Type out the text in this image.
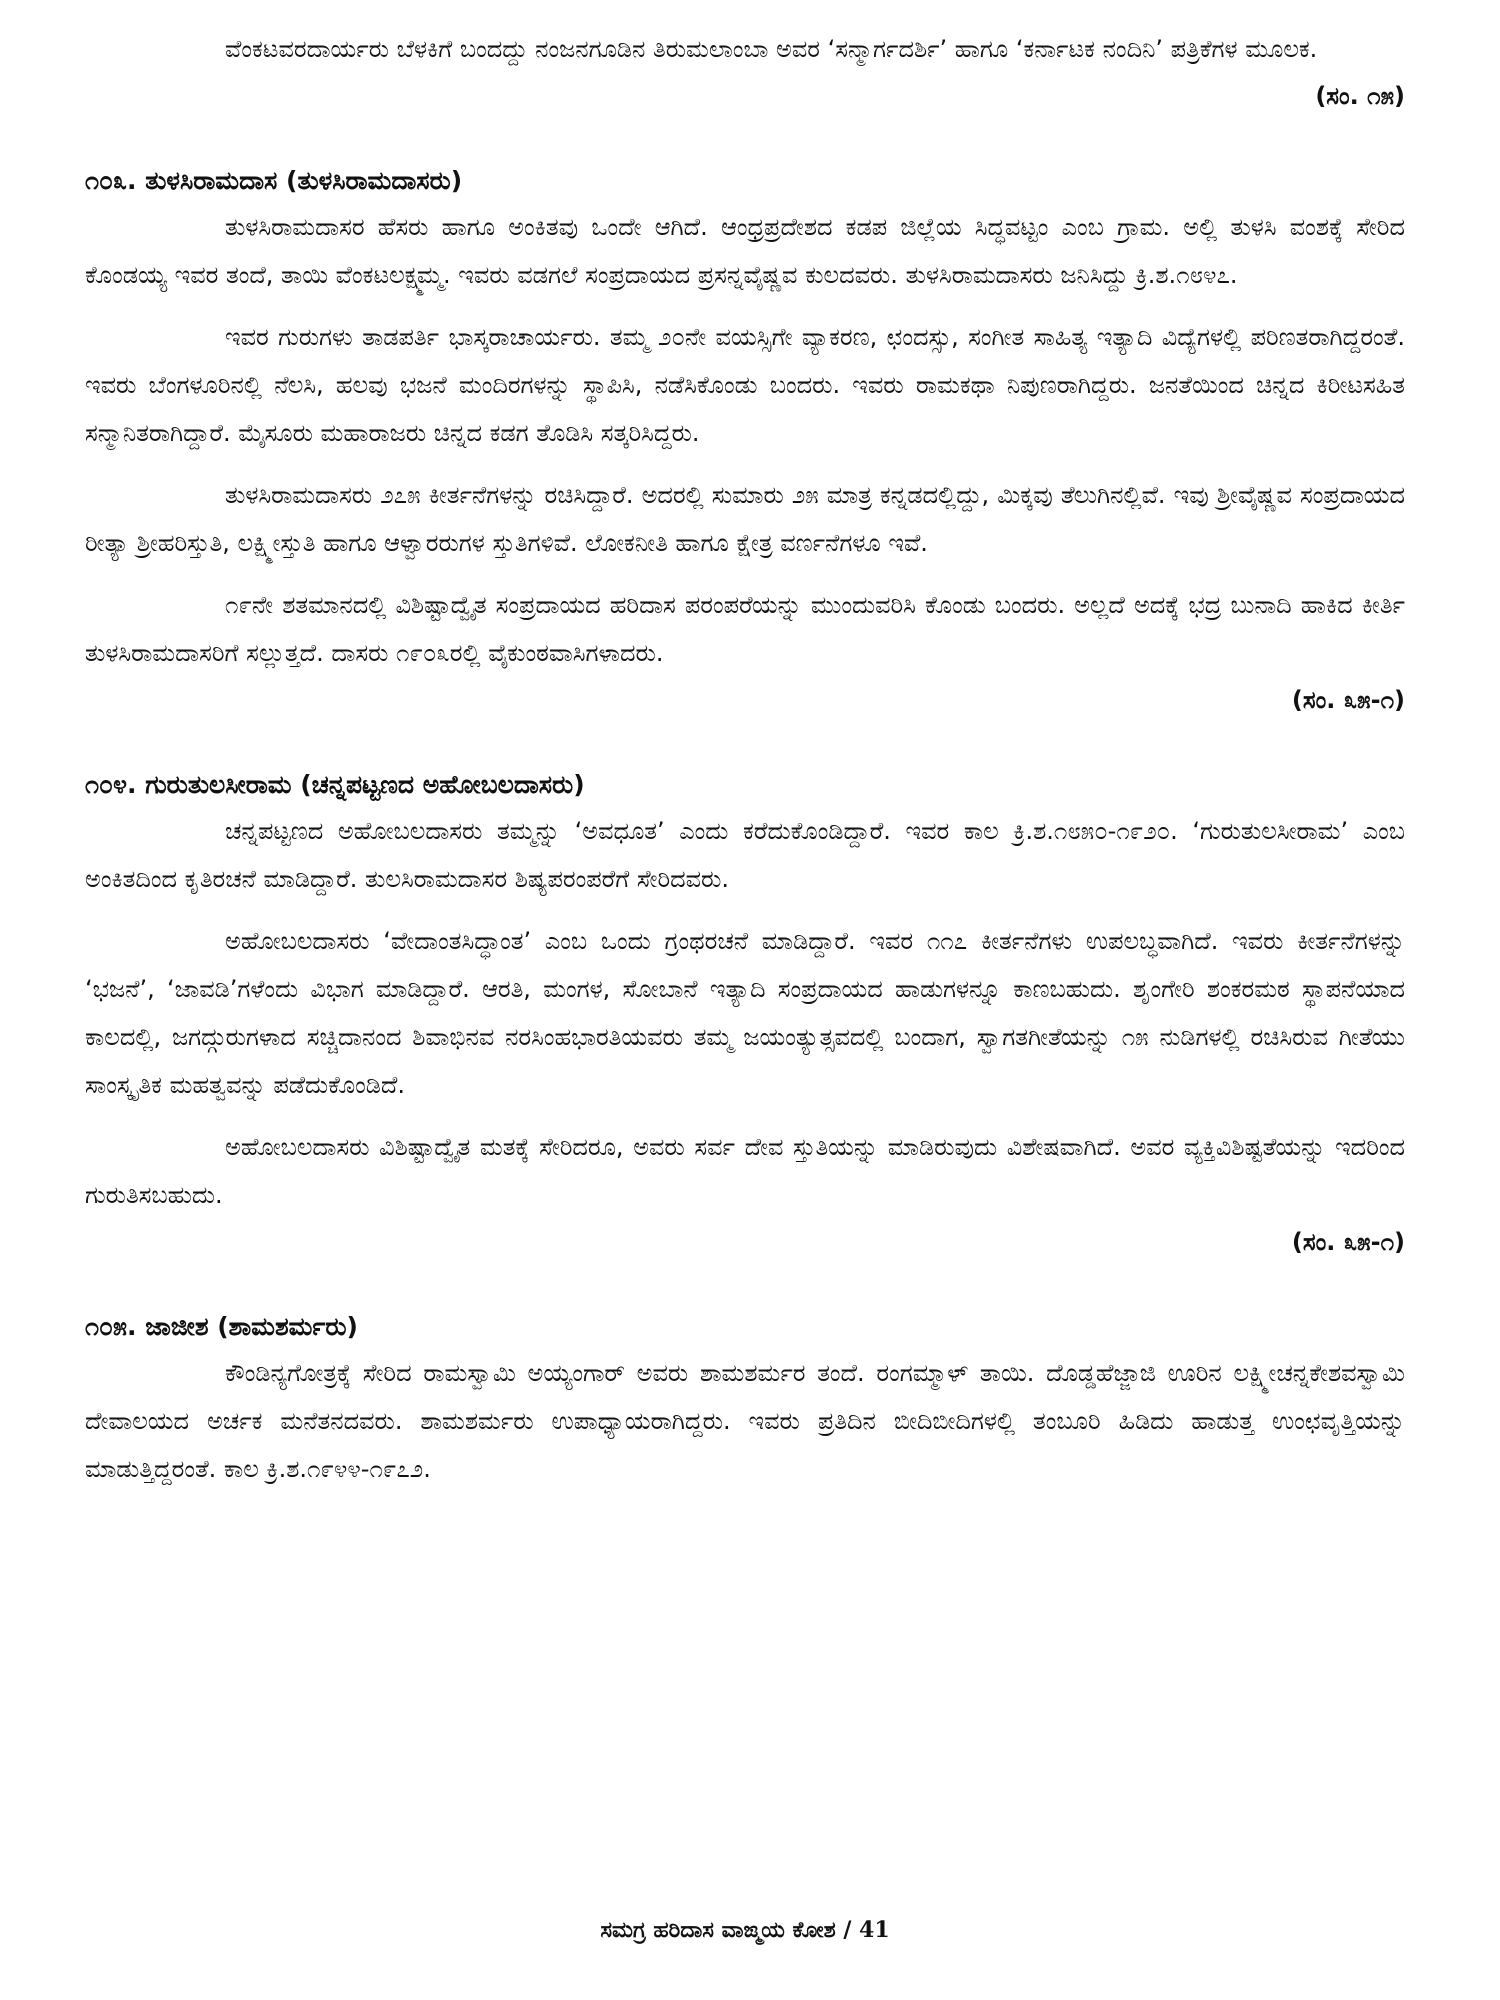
ವೆಂಕಟವರದಾರ್ಯರು ಬೆಳಕಿಗೆ ಬಂದದ್ದು ನಂಜನಗೂಡಿನ ತಿರುಮಲಾಂಬಾ ಅವರ ‘ಸನ್ಮಾರ್ಗದರ್ಶಿ’ ಹಾಗೂ ‘ಕರ್ನಾಟಕ ನಂದಿನಿ’ ಪತ್ರಿಕೆಗಳ ಮೂಲಕ.

(ಸಂ. ೧೫)

೧೦೩. ತುಳಸಿರಾಮದಾಸ (ತುಳಸಿರಾಮದಾಸರು)

ತುಳಸಿರಾಮದಾಸರ ಹೆಸರು ಹಾಗೂ ಅಂಕಿತವು ಒಂದೇ ಆಗಿದೆ. ಆಂಧ್ರಪ್ರದೇಶದ ಕಡಪ ಜಿಲ್ಲೆಯ ಸಿದ್ಧವಟ್ಟಂ ಎಂಬ ಗ್ರಾಮ. ಅಲ್ಲಿ ತುಳಸಿ ವಂಶಕ್ಕೆ ಸೇರಿದ ಕೊಂಡಯ್ಯ ಇವರ ತಂದೆ, ತಾಯಿ ವೆಂಕಟಲಕ್ಷ್ಮಮ್ಮ. ಇವರು ವಡಗಲೆ ಸಂಪ್ರದಾಯದ ಪ್ರಸನ್ನವೈಷ್ಣವ ಕುಲದವರು. ತುಳಸಿರಾಮದಾಸರು ಜನಿಸಿದ್ದು ಕ್ರಿ.ಶ.೧೮೪೭.

ಇವರ ಗುರುಗಳು ತಾಡಪರ್ತಿ ಭಾಸ್ಕರಾಚಾರ್ಯರು. ತಮ್ಮ ೨೦ನೇ ವಯಸ್ಸಿಗೇ ವ್ಯಾಕರಣ, ಛಂದಸ್ಸು, ಸಂಗೀತ ಸಾಹಿತ್ಯ ಇತ್ಯಾದಿ ವಿದ್ಯೆಗಳಲ್ಲಿ ಪರಿಣತರಾಗಿದ್ದರಂತೆ. ಇವರು ಬೆಂಗಳೂರಿನಲ್ಲಿ ನೆಲಸಿ, ಹಲವು ಭಜನೆ ಮಂದಿರಗಳನ್ನು ಸ್ಥಾಪಿಸಿ, ನಡೆಸಿಕೊಂಡು ಬಂದರು. ಇವರು ರಾಮಕಥಾ ನಿಪುಣರಾಗಿದ್ದರು. ಜನತೆಯಿಂದ ಚಿನ್ನದ ಕಿರೀಟಸಹಿತ ಸನ್ಮಾನಿತರಾಗಿದ್ದಾರೆ. ಮೈಸೂರು ಮಹಾರಾಜರು ಚಿನ್ನದ ಕಡಗ ತೊಡಿಸಿ ಸತ್ಕರಿಸಿದ್ದರು.

ತುಳಸಿರಾಮದಾಸರು ೨೭೫ ಕೀರ್ತನೆಗಳನ್ನು ರಚಿಸಿದ್ದಾರೆ. ಅದರಲ್ಲಿ ಸುಮಾರು ೨೫ ಮಾತ್ರ ಕನ್ನಡದಲ್ಲಿದ್ದು, ಮಿಕ್ಕವು ತೆಲುಗಿನಲ್ಲಿವೆ. ಇವು ಶ್ರೀವೈಷ್ಣವ ಸಂಪ್ರದಾಯದ ರೀತ್ಯಾ ಶ್ರೀಹರಿಸ್ತುತಿ, ಲಕ್ಷ್ಮೀಸ್ತುತಿ ಹಾಗೂ ಆಳ್ವಾರರುಗಳ ಸ್ತುತಿಗಳಿವೆ. ಲೋಕನೀತಿ ಹಾಗೂ ಕ್ಷೇತ್ರ ವರ್ಣನೆಗಳೂ ಇವೆ.

೧೯ನೇ ಶತಮಾನದಲ್ಲಿ ವಿಶಿಷ್ಟಾದ್ವೈತ ಸಂಪ್ರದಾಯದ ಹರಿದಾಸ ಪರಂಪರೆಯನ್ನು ಮುಂದುವರಿಸಿ ಕೊಂಡು ಬಂದರು. ಅಲ್ಲದೆ ಅದಕ್ಕೆ ಭದ್ರ ಬುನಾದಿ ಹಾಕಿದ ಕೀರ್ತಿ ತುಳಸಿರಾಮದಾಸರಿಗೆ ಸಲ್ಲುತ್ತದೆ. ದಾಸರು ೧೯೦೩ರಲ್ಲಿ ವೈಕುಂಠವಾಸಿಗಳಾದರು.

(ಸಂ. ೩೫-೧)

೧೦೪. ಗುರುತುಲಸೀರಾಮ (ಚನ್ನಪಟ್ಟಣದ ಅಹೋಬಲದಾಸರು)

ಚನ್ನಪಟ್ಟಣದ ಅಹೋಬಲದಾಸರು ತಮ್ಮನ್ನು ‘ಅವಧೂತ’ ಎಂದು ಕರೆದುಕೊಂಡಿದ್ದಾರೆ. ಇವರ ಕಾಲ ಕ್ರಿ.ಶ.೧೮೫೦-೧೯೨೦. ‘ಗುರುತುಲಸೀರಾಮ’ ಎಂಬ ಅಂಕಿತದಿಂದ ಕೃತಿರಚನೆ ಮಾಡಿದ್ದಾರೆ. ತುಲಸಿರಾಮದಾಸರ ಶಿಷ್ಯಪರಂಪರೆಗೆ ಸೇರಿದವರು.

ಅಹೋಬಲದಾಸರು ‘ವೇದಾಂತಸಿದ್ಧಾಂತ’ ಎಂಬ ಒಂದು ಗ್ರಂಥರಚನೆ ಮಾಡಿದ್ದಾರೆ. ಇವರ ೧೧೭ ಕೀರ್ತನೆಗಳು ಉಪಲಬ್ಧವಾಗಿದೆ. ಇವರು ಕೀರ್ತನೆಗಳನ್ನು ‘ಭಜನೆ’, ‘ಜಾವಡಿ’ಗಳೆಂದು ವಿಭಾಗ ಮಾಡಿದ್ದಾರೆ. ಆರತಿ, ಮಂಗಳ, ಸೋಬಾನೆ ಇತ್ಯಾದಿ ಸಂಪ್ರದಾಯದ ಹಾಡುಗಳನ್ನೂ ಕಾಣಬಹುದು. ಶೃಂಗೇರಿ ಶಂಕರಮಠ ಸ್ಥಾಪನೆಯಾದ ಕಾಲದಲ್ಲಿ, ಜಗದ್ಗುರುಗಳಾದ ಸಚ್ಚಿದಾನಂದ ಶಿವಾಭಿನವ ನರಸಿಂಹಭಾರತಿಯವರು ತಮ್ಮ ಜಯಂತ್ಯುತ್ಸವದಲ್ಲಿ ಬಂದಾಗ, ಸ್ವಾಗತಗೀತೆಯನ್ನು ೧೫ ನುಡಿಗಳಲ್ಲಿ ರಚಿಸಿರುವ ಗೀತೆಯು ಸಾಂಸ್ಕೃತಿಕ ಮಹತ್ವವನ್ನು ಪಡೆದುಕೊಂಡಿದೆ.

ಅಹೋಬಲದಾಸರು ವಿಶಿಷ್ಟಾದ್ವೈತ ಮತಕ್ಕೆ ಸೇರಿದರೂ, ಅವರು ಸರ್ವ ದೇವ ಸ್ತುತಿಯನ್ನು ಮಾಡಿರುವುದು ವಿಶೇಷವಾಗಿದೆ. ಅವರ ವ್ಯಕ್ತಿವಿಶಿಷ್ಟತೆಯನ್ನು ಇದರಿಂದ ಗುರುತಿಸಬಹುದು.

(ಸಂ. ೩೫-೧)

೧೦೫. ಜಾಜೀಶ (ಶಾಮಶರ್ಮರು)

ಕೌಂಡಿನ್ಯಗೋತ್ರಕ್ಕೆ ಸೇರಿದ ರಾಮಸ್ವಾಮಿ ಅಯ್ಯಂಗಾರ್ ಅವರು ಶಾಮಶರ್ಮರ ತಂದೆ. ರಂಗಮ್ಮಾಳ್ ತಾಯಿ. ದೊಡ್ಡಹೆಜ್ಜಾಜಿ ಊರಿನ ಲಕ್ಷ್ಮೀಚನ್ನಕೇಶವಸ್ವಾಮಿ ದೇವಾಲಯದ ಅರ್ಚಕ ಮನೆತನದವರು. ಶಾಮಶರ್ಮರು ಉಪಾಧ್ಯಾಯರಾಗಿದ್ದರು. ಇವರು ಪ್ರತಿದಿನ ಬೀದಿಬೀದಿಗಳಲ್ಲಿ ತಂಬೂರಿ ಹಿಡಿದು ಹಾಡುತ್ತ ಉಂಛವೃತ್ತಿಯನ್ನು ಮಾಡುತ್ತಿದ್ದರಂತೆ. ಕಾಲ ಕ್ರಿ.ಶ.೧೯೪೪-೧೯೭೨.

ಸಮಗ್ರ ಹರಿದಾಸ ವಾಙ್ಮಯ ಕೋಶ / 41
